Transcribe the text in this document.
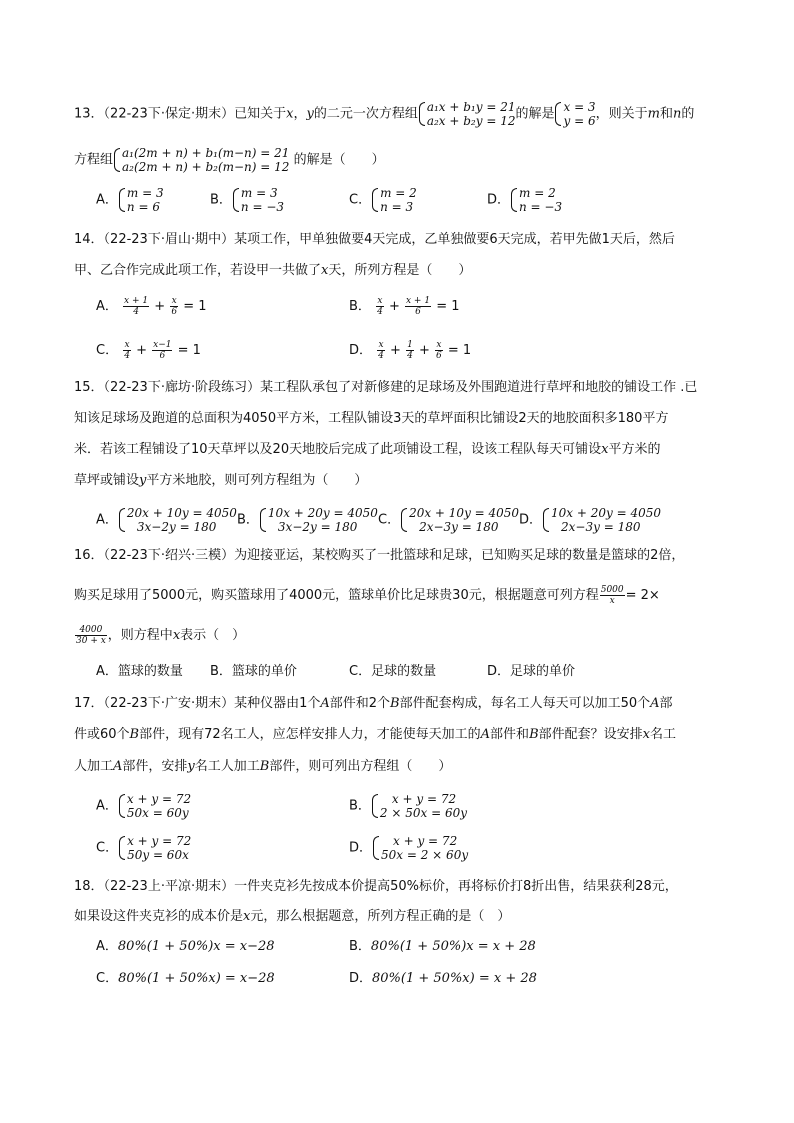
13．（22-23下·保定·期末）已知关于x，y的二元一次方程组 a₁x + b₁y = 21
a₂x + b₂y = 12 的解是 x = 3
y = 6 ，则关于m和n的
方程组 a₁(2m + n) + b₁(m−n) = 21
a₂(2m + n) + b₂(m−n) = 12 的解是（　　）
A． m = 3
n = 6	B． m = 3
n = −3	C． m = 2
n = 3	D． m = 2
n = −3
14．（22-23下·眉山·期中）某项工作，甲单独做要4天完成，乙单独做要6天完成，若甲先做1天后，然后
甲、乙合作完成此项工作，若设甲一共做了x天，所列方程是（　　）
A． $\frac{x + 1}{4} + \frac{x}{6} = 1$	B． $\frac{x}{4} + \frac{x + 1}{6} = 1$
C． $\frac{x}{4} + \frac{x-1}{6} = 1$	D． $\frac{x}{4} + \frac{1}{4} + \frac{x}{6} = 1$
15．（22-23下·廊坊·阶段练习）某工程队承包了对新修建的足球场及外围跑道进行草坪和地胶的铺设工作 .已
知该足球场及跑道的总面积为4050平方米，工程队铺设3天的草坪面积比铺设2天的地胶面积多180平方
米．若该工程铺设了10天草坪以及20天地胶后完成了此项铺设工程，设该工程队每天可铺设x平方米的
草坪或铺设y平方米地胶，则可列方程组为（　　）
A． 20x + 10y = 4050
3x−2y = 180	B． 10x + 20y = 4050
3x−2y = 180	C． 20x + 10y = 4050
2x−3y = 180	D． 10x + 20y = 4050
2x−3y = 180
16．（22-23下·绍兴·三模）为迎接亚运，某校购买了一批篮球和足球，已知购买足球的数量是篮球的2倍，
购买足球用了5000元，购买篮球用了4000元，篮球单价比足球贵30元，根据题意可列方程 $\frac{5000}{x} = 2\times$
$\frac{4000}{30 + x}$ ，则方程中x表示（　）
A．篮球的数量 B．篮球的单价	C．足球的数量	D．足球的单价
17．（22-23下·广安·期末）某种仪器由1个A部件和2个B部件配套构成，每名工人每天可以加工50个A部
件或60个B部件，现有72名工人，应怎样安排人力，才能使每天加工的A部件和B部件配套？设安排x名工
人加工A部件，安排y名工人加工B部件，则可列出方程组（　　）
A． x + y = 72
50x = 60y	B．	x + y = 72
2 × 50x = 60y
C． x + y = 72
50y = 60x	D．	x + y = 72
50x = 2 × 60y
18．（22-23上·平凉·期末）一件夹克衫先按成本价提高50%标价，再将标价打8折出售，结果获利28元，
如果设这件夹克衫的成本价是x元，那么根据题意，所列方程正确的是（　）
A．80%(1 + 50%)x = x−28	B．80%(1 + 50%)x = x + 28
C．80%(1 + 50%x) = x−28	D．80%(1 + 50%x) = x + 28
